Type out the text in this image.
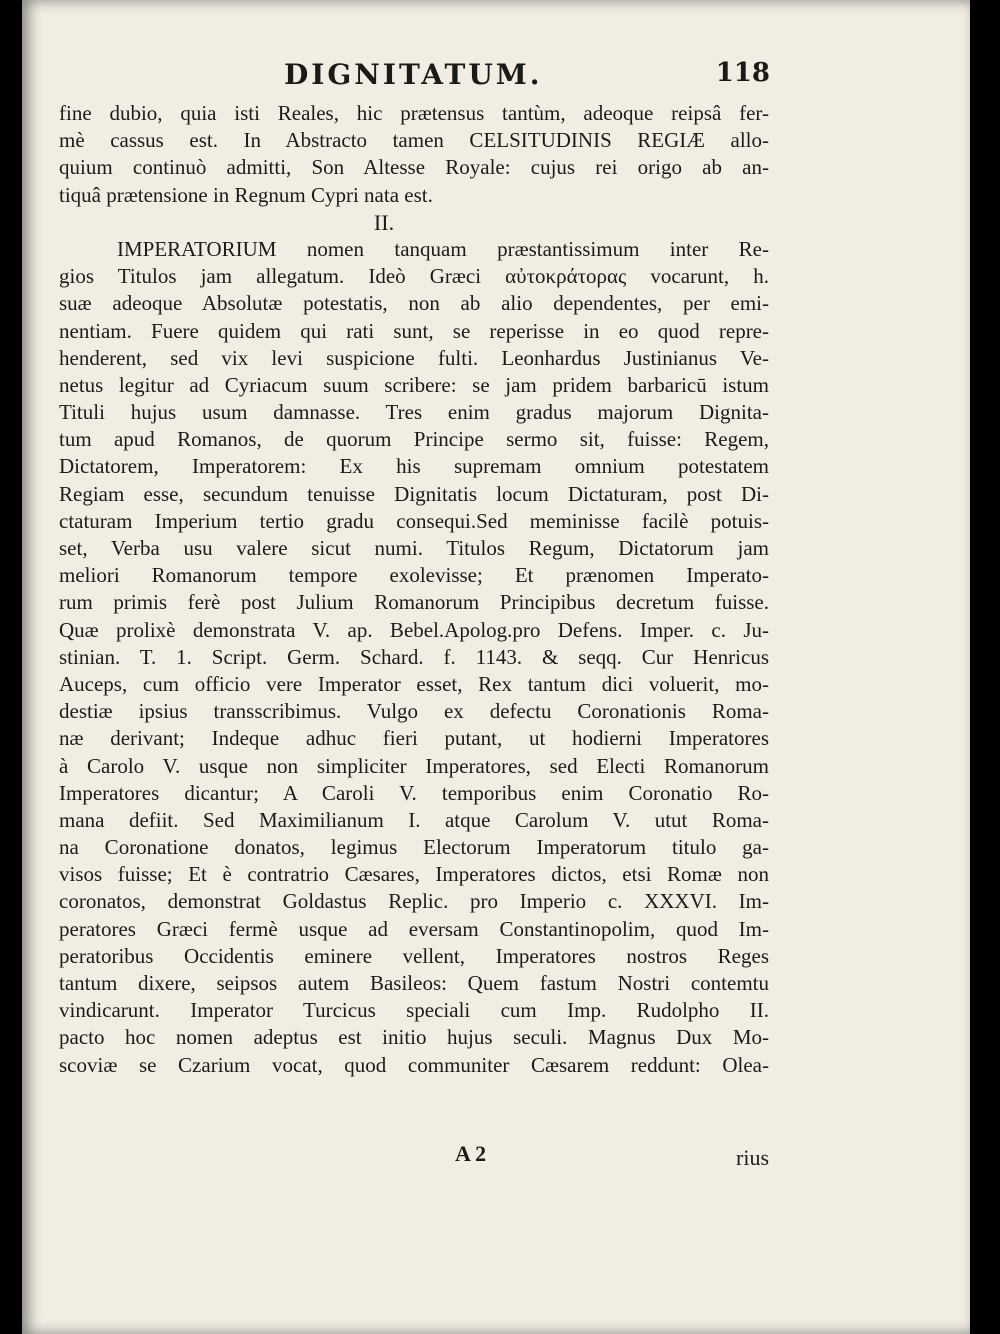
DIGNITATUM.	118
fine dubio, quia isti Reales, hic prætensus tantùm, adeoque reipsâ fer-
mè cassus est. In Abstracto tamen CELSITUDINIS REGIÆ allo-
quium continuò admitti, Son Altesse Royale: cujus rei origo ab an-
tiquâ prætensione in Regnum Cypri nata est.
II.
IMPERATORIUM nomen tanquam præstantissimum inter Re-
gios Titulos jam allegatum. Ideò Græci αὐτοκράτορας vocarunt, h.
suæ adeoque Absolutæ potestatis, non ab alio dependentes, per emi-
nentiam. Fuere quidem qui rati sunt, se reperisse in eo quod repre-
henderent, sed vix levi suspicione fulti. Leonhardus Justinianus Ve-
netus legitur ad Cyriacum suum scribere: se jam pridem barbaricū istum
Tituli hujus usum damnasse. Tres enim gradus majorum Dignita-
tum apud Romanos, de quorum Principe sermo sit, fuisse: Regem,
Dictatorem, Imperatorem: Ex his supremam omnium potestatem
Regiam esse, secundum tenuisse Dignitatis locum Dictaturam, post Di-
ctaturam Imperium tertio gradu consequi.Sed meminisse facilè potuis-
set, Verba usu valere sicut numi. Titulos Regum, Dictatorum jam
meliori Romanorum tempore exolevisse; Et prænomen Imperato-
rum primis ferè post Julium Romanorum Principibus decretum fuisse.
Quæ prolixè demonstrata V. ap. Bebel.Apolog.pro Defens. Imper. c. Ju-
stinian. T. 1. Script. Germ. Schard. f. 1143. & seqq. Cur Henricus
Auceps, cum officio vere Imperator esset, Rex tantum dici voluerit, mo-
destiæ ipsius transscribimus. Vulgo ex defectu Coronationis Roma-
næ derivant; Indeque adhuc fieri putant, ut hodierni Imperatores
à Carolo V. usque non simpliciter Imperatores, sed Electi Romanorum
Imperatores dicantur; A Caroli V. temporibus enim Coronatio Ro-
mana defiit. Sed Maximilianum I. atque Carolum V. utut Roma-
na Coronatione donatos, legimus Electorum Imperatorum titulo ga-
visos fuisse; Et è contratrio Cæsares, Imperatores dictos, etsi Romæ non
coronatos, demonstrat Goldastus Replic. pro Imperio c. XXXVI. Im-
peratores Græci fermè usque ad eversam Constantinopolim, quod Im-
peratoribus Occidentis eminere vellent, Imperatores nostros Reges
tantum dixere, seipsos autem Basileos: Quem fastum Nostri contemtu
vindicarunt. Imperator Turcicus speciali cum Imp. Rudolpho II.
pacto hoc nomen adeptus est initio hujus seculi. Magnus Dux Mo-
scoviæ se Czarium vocat, quod communiter Cæsarem reddunt: Olea-
A 2	rius
